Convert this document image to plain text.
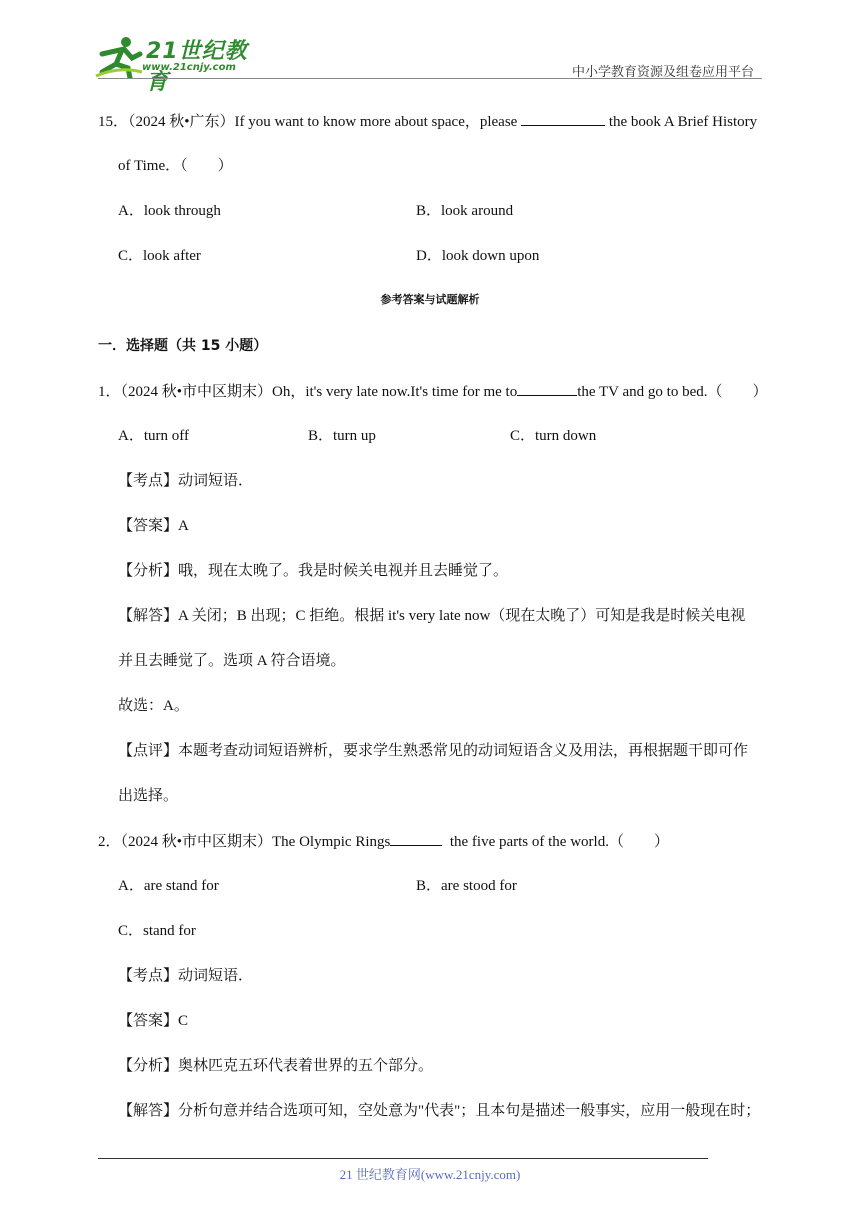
21世纪教育
www.21cnjy.com	中小学教育资源及组卷应用平台
15．（2024 秋•广东）If you want to know more about space，please	the book A Brief History
of Time．（　　）
A．look through	B．look around
C．look after	D．look down upon
参考答案与试题解析
一．选择题（共 15 小题）
1．（2024 秋•市中区期末）Oh，it's very late now.It's time for me to	the TV and go to bed.（　　）
A．turn off	B．turn up	C．turn down
【考点】动词短语．
【答案】A
【分析】哦，现在太晚了。我是时候关电视并且去睡觉了。
【解答】A 关闭；B 出现；C 拒绝。根据 it's very late now（现在太晚了）可知是我是时候关电视
并且去睡觉了。选项 A 符合语境。
故选：A。
【点评】本题考查动词短语辨析，要求学生熟悉常见的动词短语含义及用法，再根据题干即可作
出选择。
2．（2024 秋•市中区期末）The Olympic Rings	the five parts of the world.（　　）
A．are stand for	B．are stood for
C．stand for
【考点】动词短语．
【答案】C
【分析】奥林匹克五环代表着世界的五个部分。
【解答】分析句意并结合选项可知，空处意为"代表"；且本句是描述一般事实，应用一般现在时；
21 世纪教育网(www.21cnjy.com)
